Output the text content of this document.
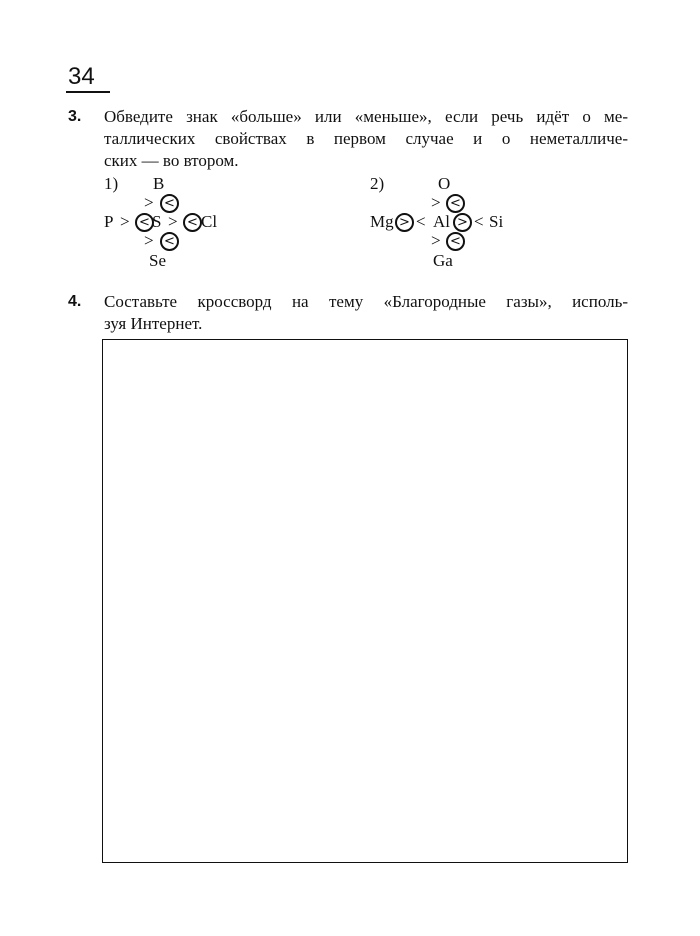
34
3. Обведите знак «больше» или «меньше», если речь идёт о ме-
таллических свойствах в первом случае и о неметалличе-
ских — во втором.
1) B
> <
P > < S > < Cl
> <
Se
2)	O
> <
Mg > < Al > < Si
> <
Ga
4. Составьте кроссворд на тему «Благородные газы», исполь-
зуя Интернет.
